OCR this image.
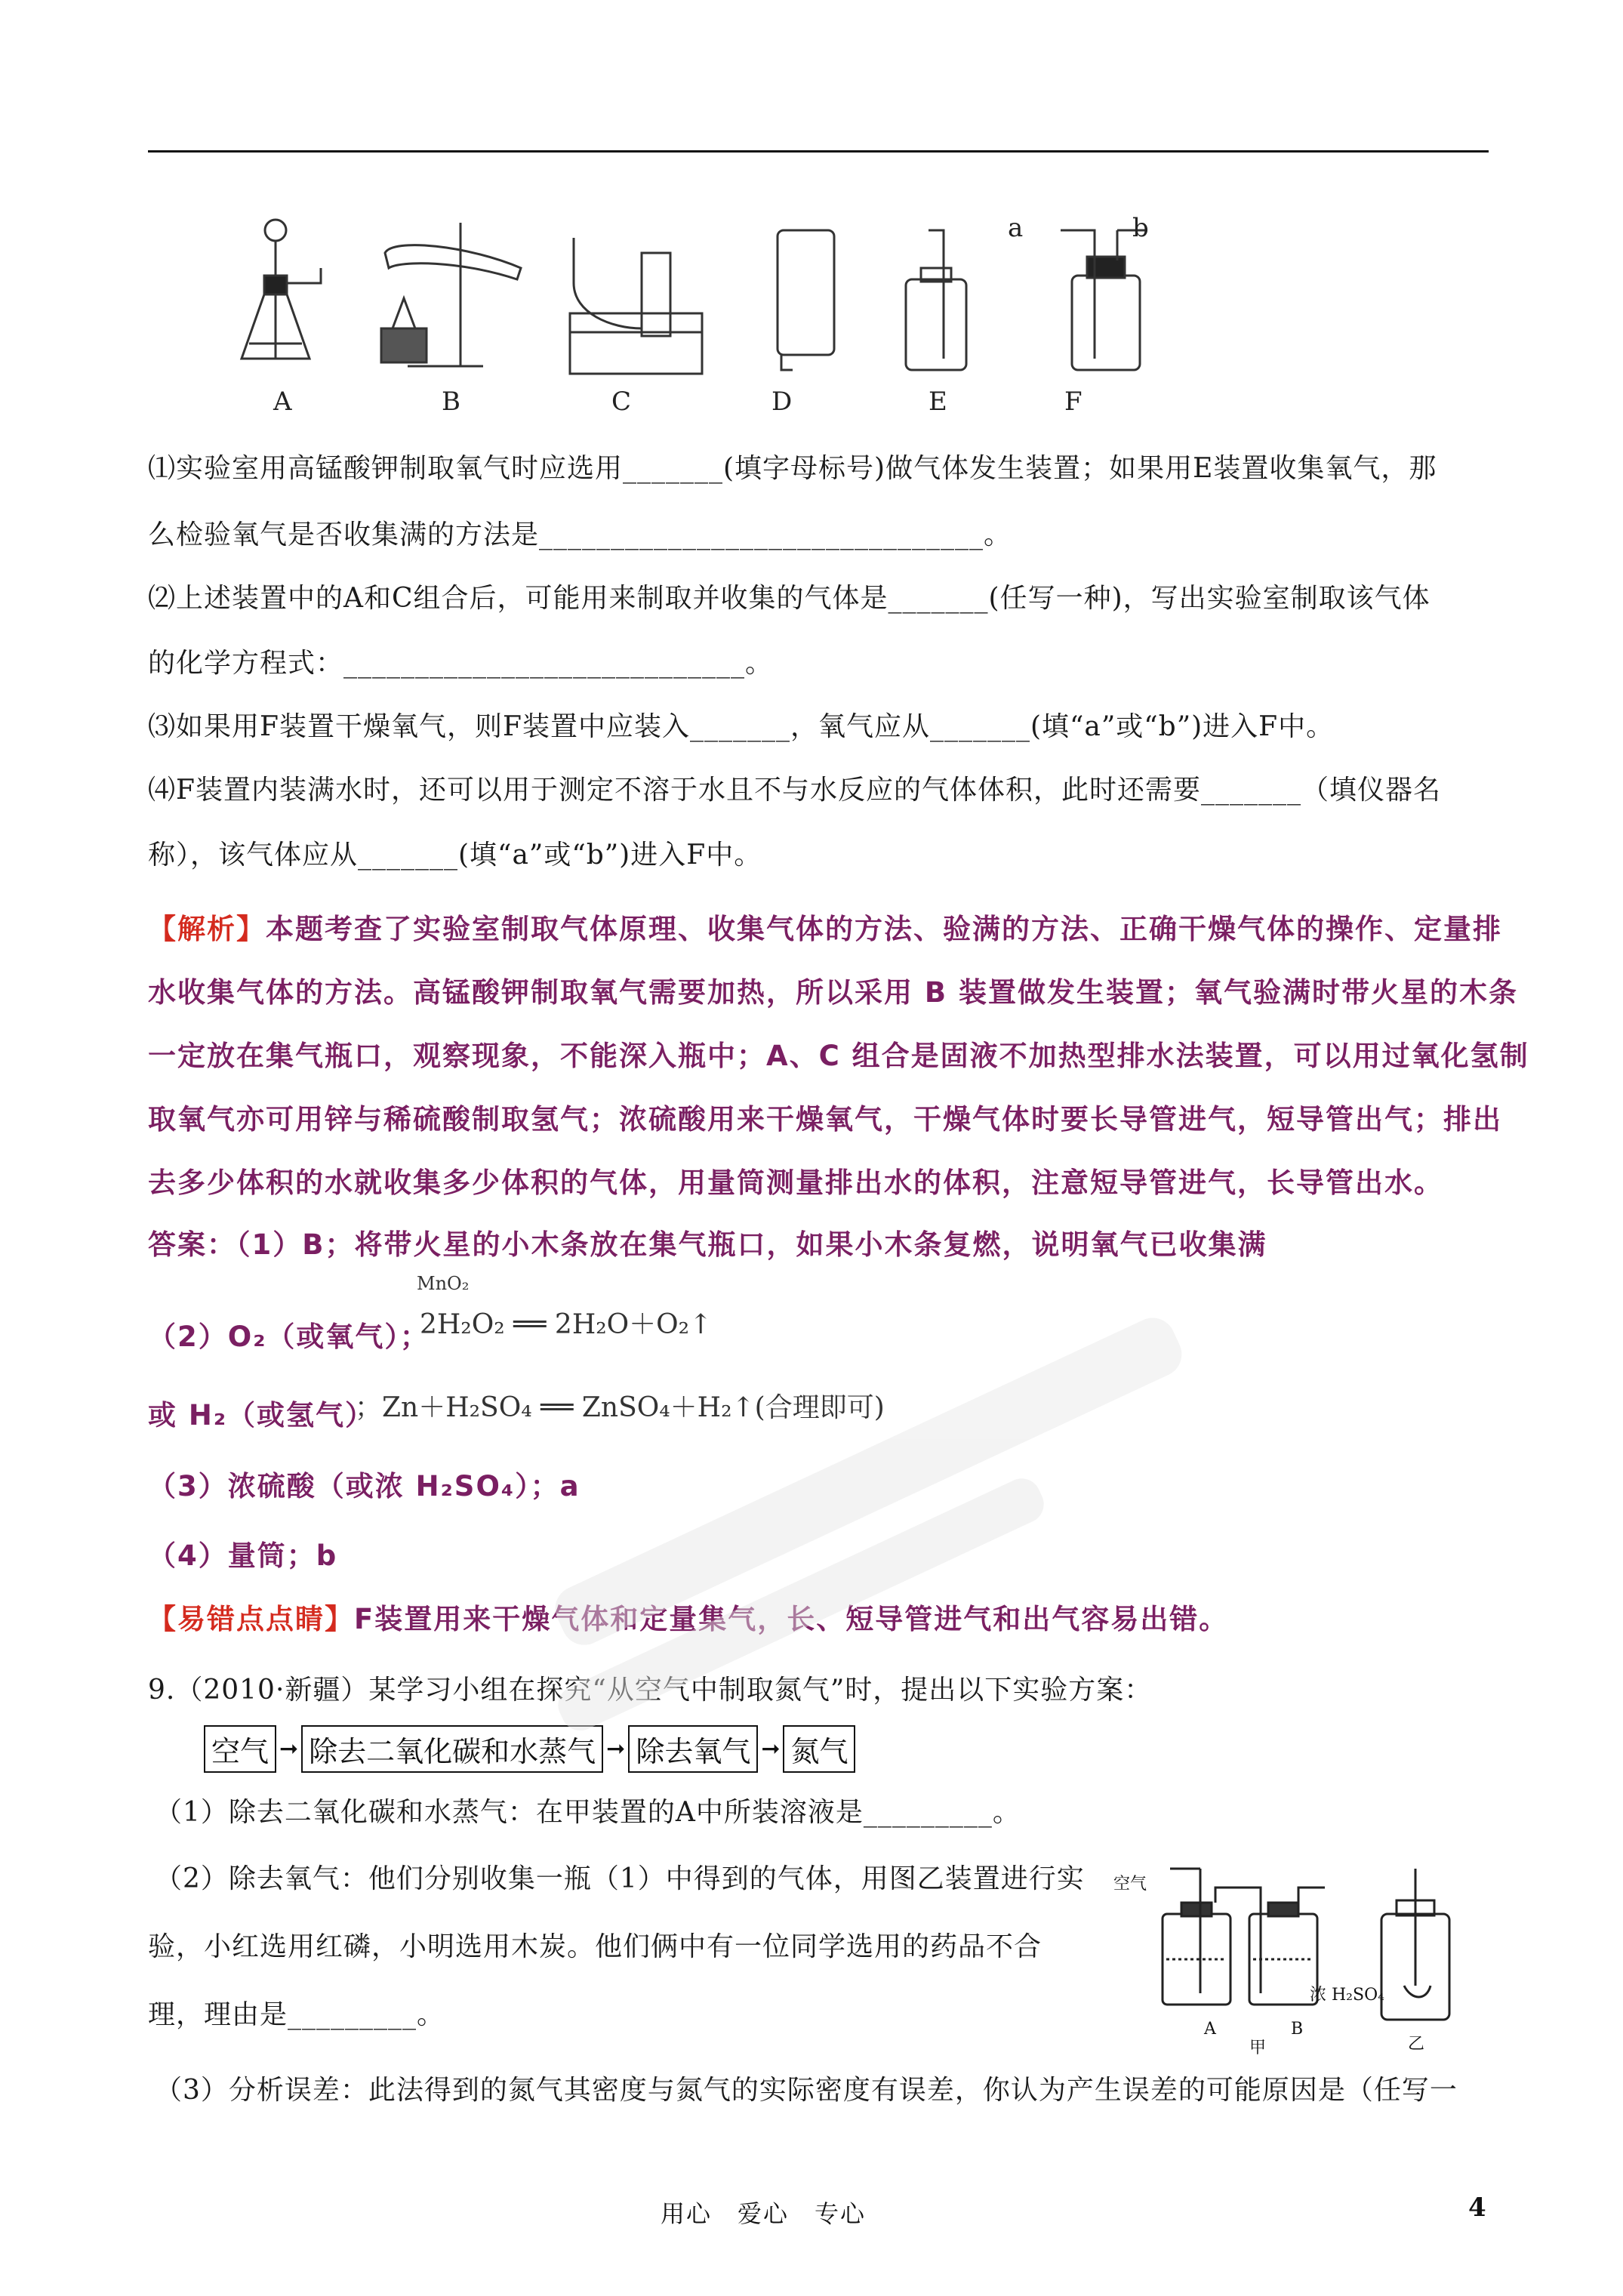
A	B	C	D	E	F
a	b
⑴实验室用高锰酸钾制取氧气时应选用_______(填字母标号)做气体发生装置；如果用E装置收集氧气，那
么检验氧气是否收集满的方法是_______________________________。
⑵上述装置中的A和C组合后，可能用来制取并收集的气体是_______(任写一种)，写出实验室制取该气体
的化学方程式：____________________________。
⑶如果用F装置干燥氧气，则F装置中应装入_______，氧气应从_______(填“a”或“b”)进入F中。
⑷F装置内装满水时，还可以用于测定不溶于水且不与水反应的气体体积，此时还需要_______（填仪器名
称），该气体应从_______(填“a”或“b”)进入F中。
【解析】本题考查了实验室制取气体原理、收集气体的方法、验满的方法、正确干燥气体的操作、定量排
水收集气体的方法。高锰酸钾制取氧气需要加热，所以采用 B 装置做发生装置；氧气验满时带火星的木条
一定放在集气瓶口，观察现象，不能深入瓶中；A、C 组合是固液不加热型排水法装置，可以用过氧化氢制
取氧气亦可用锌与稀硫酸制取氢气；浓硫酸用来干燥氧气，干燥气体时要长导管进气，短导管出气；排出
去多少体积的水就收集多少体积的气体，用量筒测量排出水的体积，注意短导管进气，长导管出水。
答案：（1）B；将带火星的小木条放在集气瓶口，如果小木条复燃，说明氧气已收集满
（2）O₂（或氧气）；
MnO₂
2H₂O₂ ══ 2H₂O＋O₂↑
或 H₂（或氢气）
；Zn＋H₂SO₄ ══ ZnSO₄＋H₂↑(合理即可)
（3）浓硫酸（或浓 H₂SO₄）；a
（4）量筒；b
【易错点点睛】F装置用来干燥气体和定量集气，长、短导管进气和出气容易出错。
9.（2010·新疆）某学习小组在探究“从空气中制取氮气”时，提出以下实验方案：
空气 ➞ 除去二氧化碳和水蒸气 ➞ 除去氧气 ➞ 氮气
（1）除去二氧化碳和水蒸气：在甲装置的A中所装溶液是_________。
（2）除去氧气：他们分别收集一瓶（1）中得到的气体，用图乙装置进行实
验，小红选用红磷，小明选用木炭。他们俩中有一位同学选用的药品不合
理，理由是_________。
（3）分析误差：此法得到的氮气其密度与氮气的实际密度有误差，你认为产生误差的可能原因是（任写一
空气
A	B
甲
浓 H₂SO₄
乙
用心　爱心　专心	4
